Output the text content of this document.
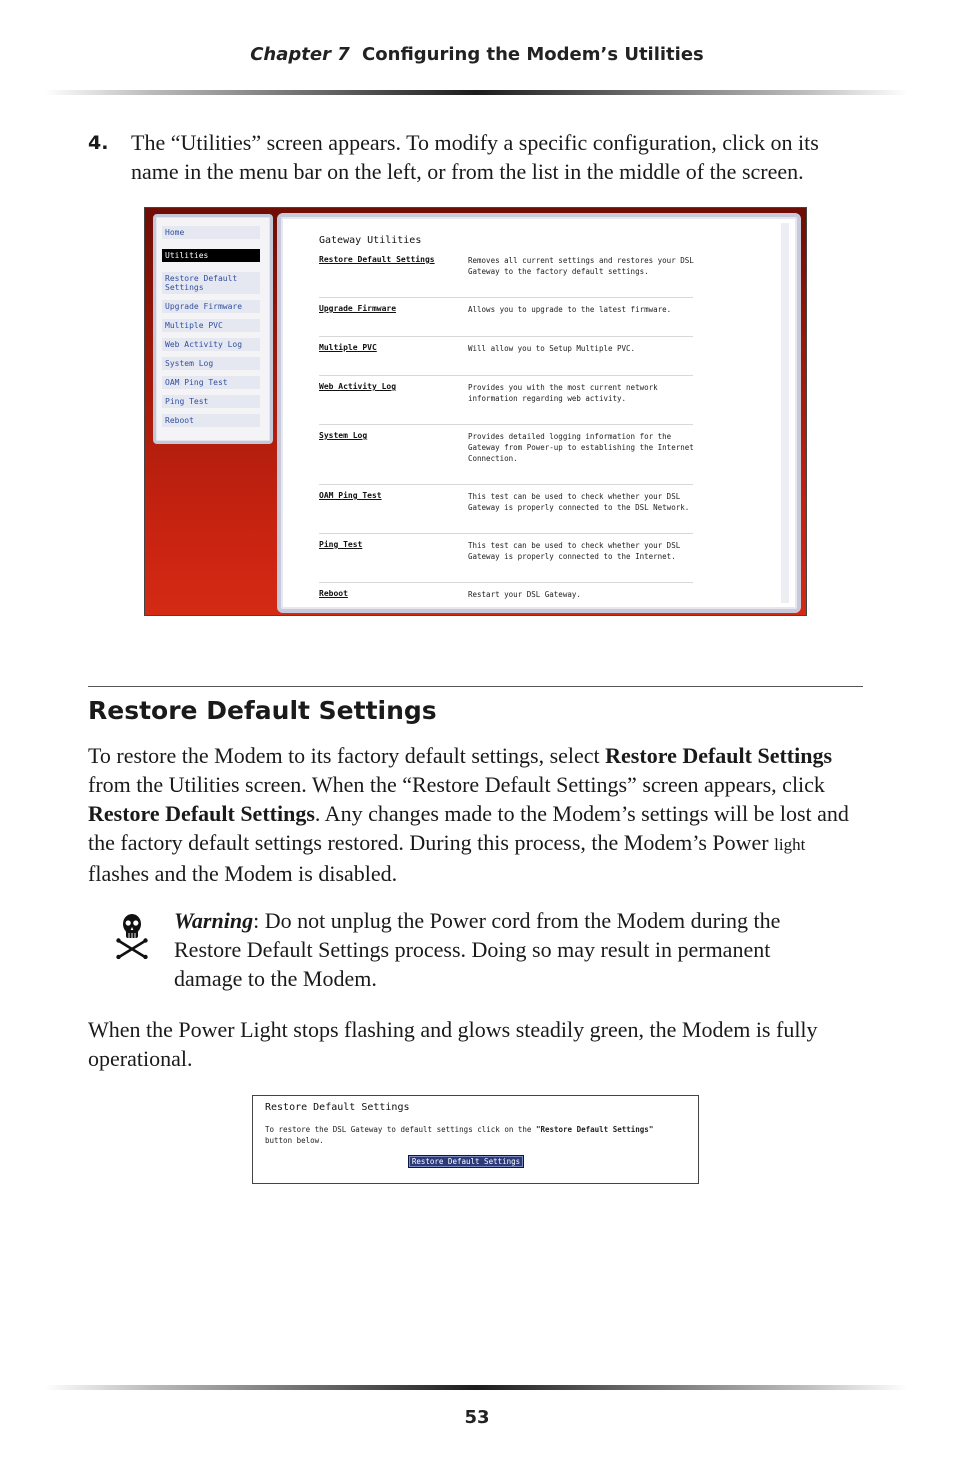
Chapter 7 Configuring the Modem’s Utilities
4. The “Utilities” screen appears. To modify a specific configuration, click on its name in the menu bar on the left, or from the list in the middle of the screen.
Home
Utilities
Restore Default Settings
Upgrade Firmware
Multiple PVC
Web Activity Log
System Log
OAM Ping Test
Ping Test
Reboot
Gateway Utilities
Restore Default Settings	Removes all current settings and restores your DSL Gateway to the factory default settings.
Upgrade Firmware	Allows you to upgrade to the latest firmware.
Multiple PVC	Will allow you to Setup Multiple PVC.
Web Activity Log	Provides you with the most current network information regarding web activity.
System Log	Provides detailed logging information for the Gateway from Power-up to establishing the Internet Connection.
OAM Ping Test	This test can be used to check whether your DSL Gateway is properly connected to the DSL Network.
Ping Test	This test can be used to check whether your DSL Gateway is properly connected to the Internet.
Reboot	Restart your DSL Gateway.
Restore Default Settings

To restore the Modem to its factory default settings, select Restore Default Settings from the Utilities screen. When the “Restore Default Settings” screen appears, click Restore Default Settings. Any changes made to the Modem’s settings will be lost and the factory default settings restored. During this process, the Modem’s Power light flashes and the Modem is disabled.

Warning: Do not unplug the Power cord from the Modem during the Restore Default Settings process. Doing so may result in permanent damage to the Modem.

When the Power Light stops flashing and glows steadily green, the Modem is fully operational.

Restore Default Settings
To restore the DSL Gateway to default settings click on the "Restore Default Settings" button below.
Restore Default Settings
53
